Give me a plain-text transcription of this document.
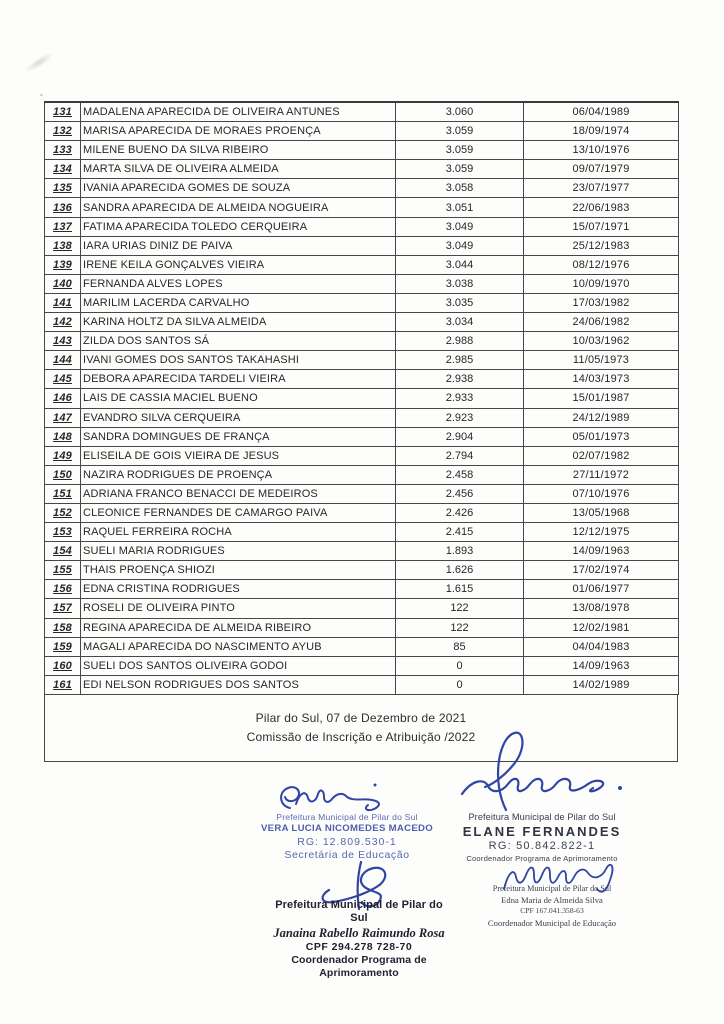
131	MADALENA APARECIDA DE OLIVEIRA ANTUNES	3.060	06/04/1989
132	MARISA APARECIDA DE MORAES PROENÇA	3.059	18/09/1974
133	MILENE BUENO DA SILVA RIBEIRO	3.059	13/10/1976
134	MARTA SILVA DE OLIVEIRA ALMEIDA	3.059	09/07/1979
135	IVANIA APARECIDA GOMES DE SOUZA	3.058	23/07/1977
136	SANDRA APARECIDA DE ALMEIDA NOGUEIRA	3.051	22/06/1983
137	FATIMA APARECIDA TOLEDO CERQUEIRA	3.049	15/07/1971
138	IARA URIAS DINIZ DE PAIVA	3.049	25/12/1983
139	IRENE KEILA GONÇALVES VIEIRA	3.044	08/12/1976
140	FERNANDA ALVES LOPES	3.038	10/09/1970
141	MARILIM LACERDA CARVALHO	3.035	17/03/1982
142	KARINA HOLTZ DA SILVA ALMEIDA	3.034	24/06/1982
143	ZILDA DOS SANTOS SÁ	2.988	10/03/1962
144	IVANI GOMES DOS SANTOS TAKAHASHI	2.985	11/05/1973
145	DEBORA APARECIDA TARDELI VIEIRA	2.938	14/03/1973
146	LAIS DE CASSIA MACIEL BUENO	2.933	15/01/1987
147	EVANDRO SILVA CERQUEIRA	2.923	24/12/1989
148	SANDRA DOMINGUES DE FRANÇA	2.904	05/01/1973
149	ELISEILA DE GOIS VIEIRA DE JESUS	2.794	02/07/1982
150	NAZIRA RODRIGUES DE PROENÇA	2.458	27/11/1972
151	ADRIANA FRANCO BENACCI DE MEDEIROS	2.456	07/10/1976
152	CLEONICE FERNANDES DE CAMARGO PAIVA	2.426	13/05/1968
153	RAQUEL FERREIRA ROCHA	2.415	12/12/1975
154	SUELI MARIA RODRIGUES	1.893	14/09/1963
155	THAIS PROENÇA SHIOZI	1.626	17/02/1974
156	EDNA CRISTINA RODRIGUES	1.615	01/06/1977
157	ROSELI DE OLIVEIRA PINTO	122	13/08/1978
158	REGINA APARECIDA DE ALMEIDA RIBEIRO	122	12/02/1981
159	MAGALI APARECIDA DO NASCIMENTO AYUB	85	04/04/1983
160	SUELI DOS SANTOS OLIVEIRA GODOI	0	14/09/1963
161	EDI NELSON RODRIGUES DOS SANTOS	0	14/02/1989
Pilar do Sul, 07 de Dezembro de 2021
Comissão de Inscrição e Atribuição /2022
Prefeitura Municipal de Pilar do Sul
VERA LUCIA NICOMEDES MACEDO
RG: 12.809.530-1
Secretária de Educação
Prefeitura Municipal de Pilar do Sul
ELANE FERNANDES
RG: 50.842.822-1
Coordenador Programa de Aprimoramento
Prefeitura Municipal de Pilar do Sul
Janaina Rabello Raimundo Rosa
CPF 294.278 728-70
Coordenador Programa de Aprimoramento
Prefeitura Municipal de Pilar do Sul
Edna Maria de Almeida Silva
CPF 167.041.358-63
Coordenador Municipal de Educação
